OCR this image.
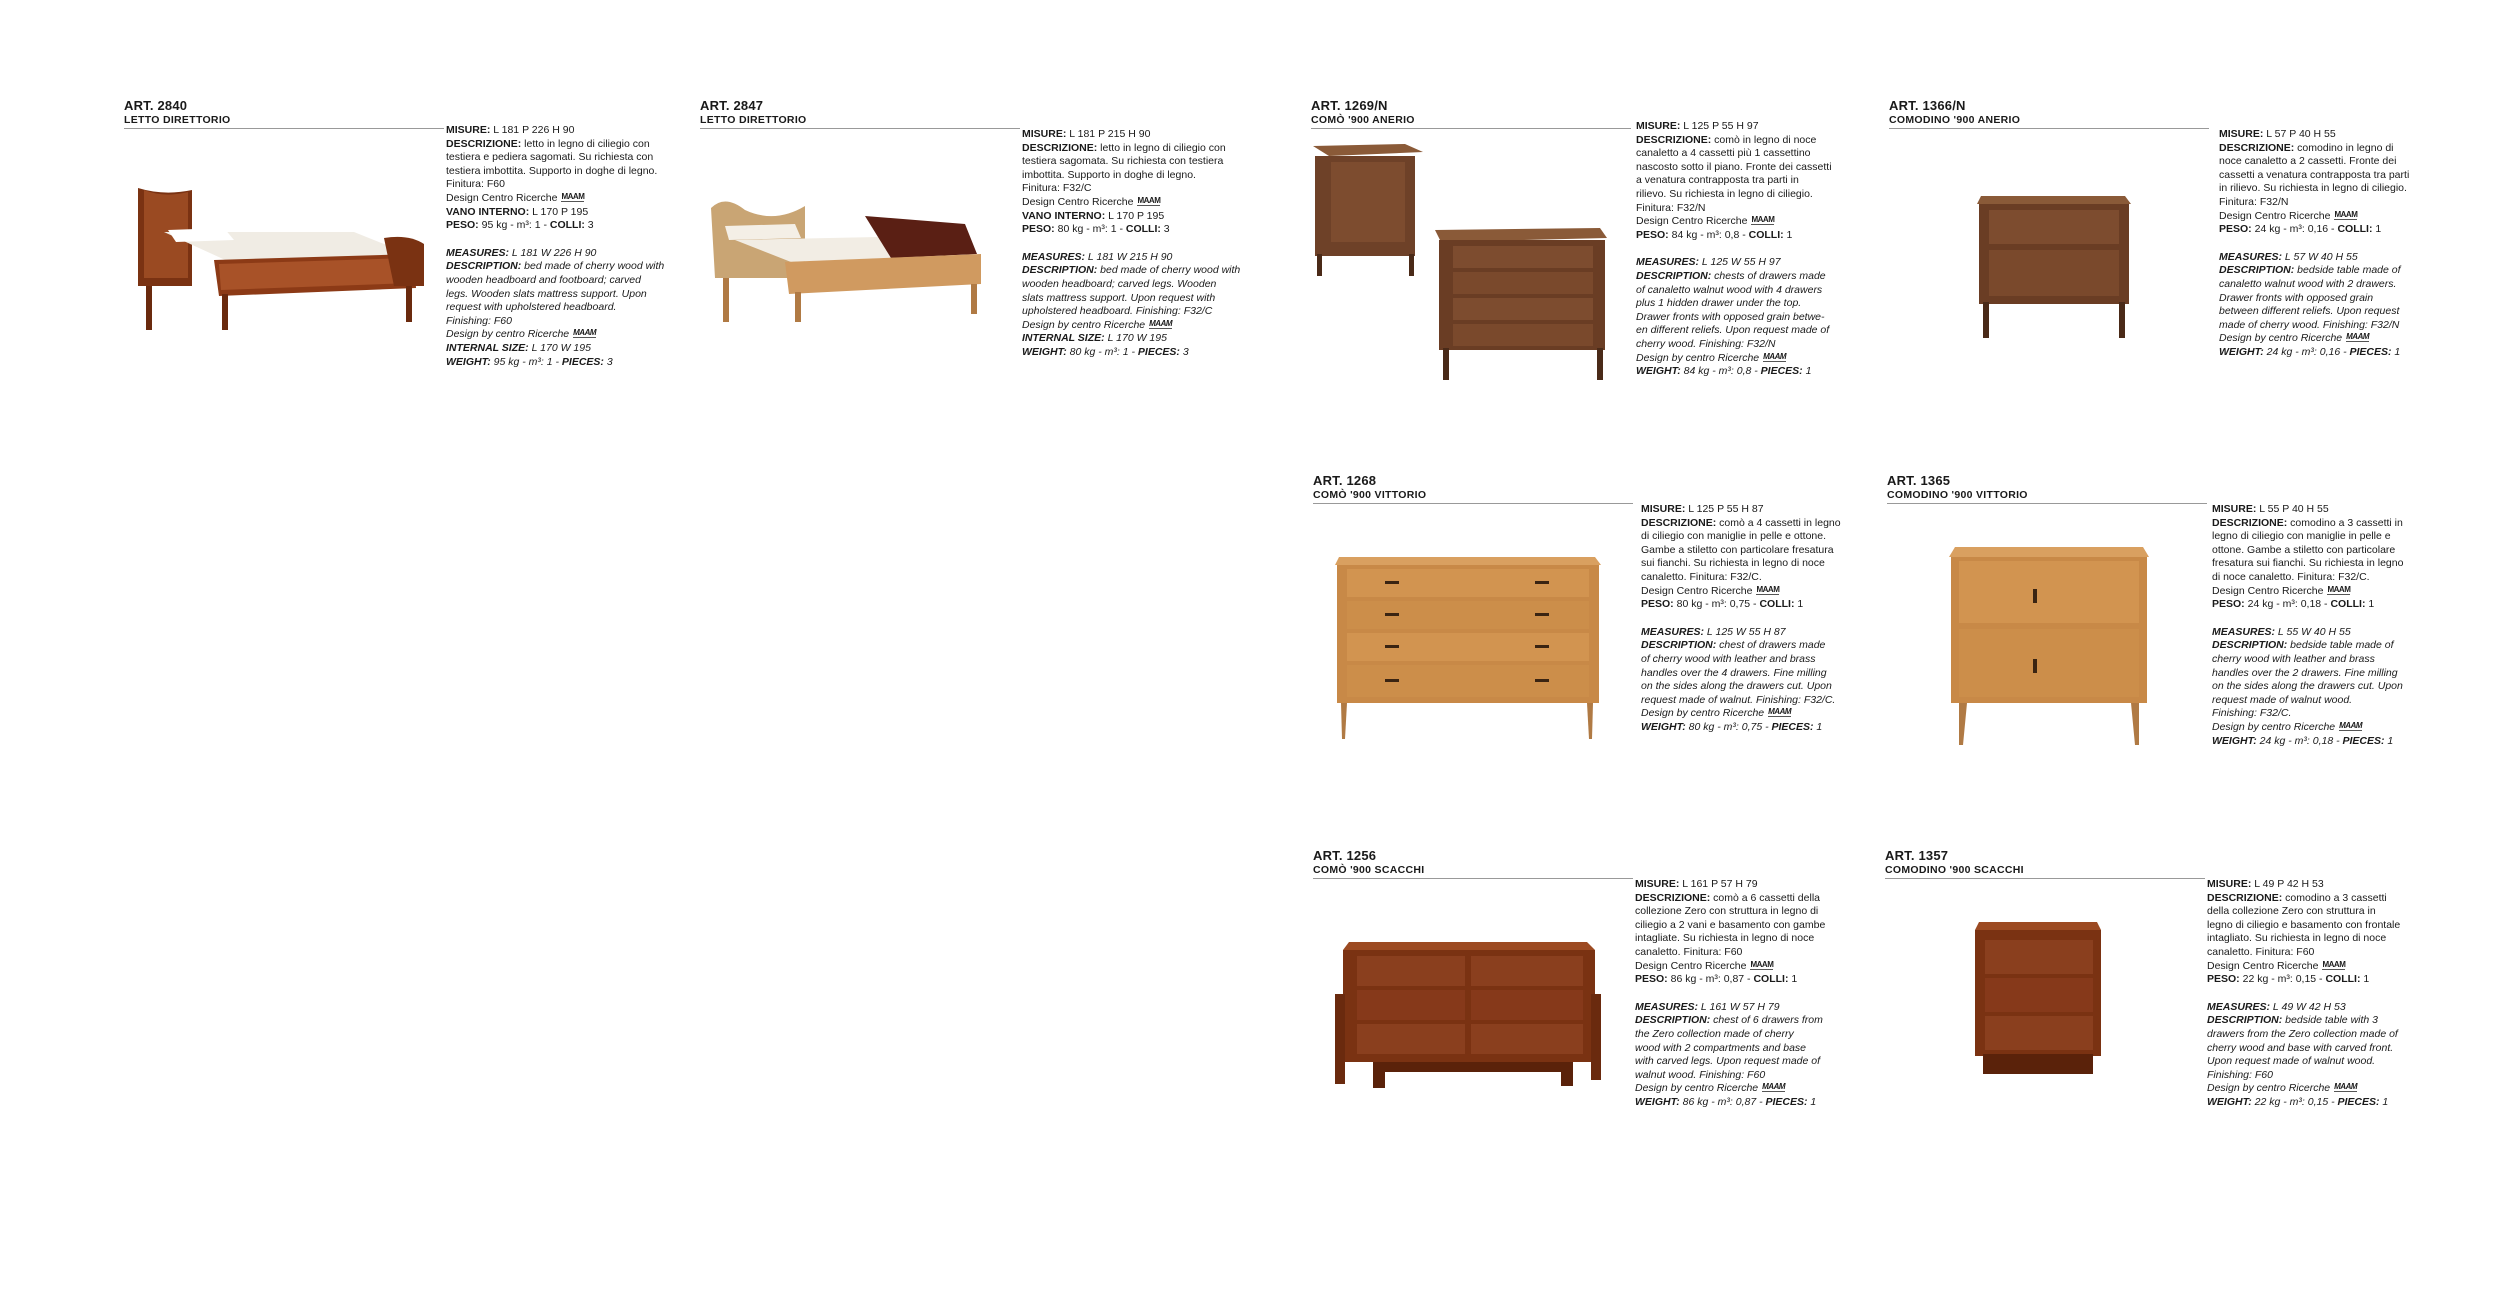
ART. 2840
LETTO DIRETTORIO
MISURE: L 181 P 226 H 90
DESCRIZIONE: letto in legno di ciliegio con
testiera e pediera sagomati. Su richiesta con
testiera imbottita. Supporto in doghe di legno.
Finitura: F60
Design Centro Ricerche MAAM
VANO INTERNO: L 170 P 195
PESO: 95 kg - m³: 1 - COLLI: 3
MEASURES: L 181 W 226 H 90
DESCRIPTION: bed made of cherry wood with
wooden headboard and footboard; carved
legs. Wooden slats mattress support. Upon
request with upholstered headboard.
Finishing: F60
Design by centro Ricerche MAAM
INTERNAL SIZE: L 170 W 195
WEIGHT: 95 kg - m³: 1 - PIECES: 3
ART. 2847
LETTO DIRETTORIO
MISURE: L 181 P 215 H 90
DESCRIZIONE: letto in legno di ciliegio con
testiera sagomata. Su richiesta con testiera
imbottita. Supporto in doghe di legno.
Finitura: F32/C
Design Centro Ricerche MAAM
VANO INTERNO: L 170 P 195
PESO: 80 kg - m³: 1 - COLLI: 3
MEASURES: L 181 W 215 H 90
DESCRIPTION: bed made of cherry wood with
wooden headboard; carved legs. Wooden
slats mattress support. Upon request with
upholstered headboard. Finishing: F32/C
Design by centro Ricerche MAAM
INTERNAL SIZE: L 170 W 195
WEIGHT: 80 kg - m³: 1 - PIECES: 3
ART. 1269/N
COMÒ '900 ANERIO	MISURE: L 125 P 55 H 97
DESCRIZIONE: comò in legno di noce
canaletto a 4 cassetti più 1 cassettino
nascosto sotto il piano. Fronte dei cassetti
a venatura contrapposta tra parti in
rilievo. Su richiesta in legno di ciliegio.
Finitura: F32/N
Design Centro Ricerche MAAM
PESO: 84 kg - m³: 0,8 - COLLI: 1
MEASURES: L 125 W 55 H 97
DESCRIPTION: chests of drawers made
of canaletto walnut wood with 4 drawers
plus 1 hidden drawer under the top.
Drawer fronts with opposed grain betwe-
en different reliefs. Upon request made of
cherry wood. Finishing: F32/N
Design by centro Ricerche MAAM
WEIGHT: 84 kg - m³: 0,8 - PIECES: 1
ART. 1366/N
COMODINO '900 ANERIO
MISURE: L 57 P 40 H 55
DESCRIZIONE: comodino in legno di
noce canaletto a 2 cassetti. Fronte dei
cassetti a venatura contrapposta tra parti
in rilievo. Su richiesta in legno di ciliegio.
Finitura: F32/N
Design Centro Ricerche MAAM
PESO: 24 kg - m³: 0,16 - COLLI: 1
MEASURES: L 57 W 40 H 55
DESCRIPTION: bedside table made of
canaletto walnut wood with 2 drawers.
Drawer fronts with opposed grain
between different reliefs. Upon request
made of cherry wood. Finishing: F32/N
Design by centro Ricerche MAAM
WEIGHT: 24 kg - m³: 0,16 - PIECES: 1
ART. 1268
COMÒ '900 VITTORIO
MISURE: L 125 P 55 H 87
DESCRIZIONE: comò a 4 cassetti in legno
di ciliegio con maniglie in pelle e ottone.
Gambe a stiletto con particolare fresatura
sui fianchi. Su richiesta in legno di noce
canaletto. Finitura: F32/C.
Design Centro Ricerche MAAM
PESO: 80 kg - m³: 0,75 - COLLI: 1
MEASURES: L 125 W 55 H 87
DESCRIPTION: chest of drawers made
of cherry wood with leather and brass
handles over the 4 drawers. Fine milling
on the sides along the drawers cut. Upon
request made of walnut. Finishing: F32/C.
Design by centro Ricerche MAAM
WEIGHT: 80 kg - m³: 0,75 - PIECES: 1
ART. 1365
COMODINO '900 VITTORIO
MISURE: L 55 P 40 H 55
DESCRIZIONE: comodino a 3 cassetti in
legno di ciliegio con maniglie in pelle e
ottone. Gambe a stiletto con particolare
fresatura sui fianchi. Su richiesta in legno
di noce canaletto. Finitura: F32/C.
Design Centro Ricerche MAAM
PESO: 24 kg - m³: 0,18 - COLLI: 1
MEASURES: L 55 W 40 H 55
DESCRIPTION: bedside table made of
cherry wood with leather and brass
handles over the 2 drawers. Fine milling
on the sides along the drawers cut. Upon
request made of walnut wood.
Finishing: F32/C.
Design by centro Ricerche MAAM
WEIGHT: 24 kg - m³: 0,18 - PIECES: 1
ART. 1256
COMÒ '900 SCACCHI
MISURE: L 161 P 57 H 79
DESCRIZIONE: comò a 6 cassetti della
collezione Zero con struttura in legno di
ciliegio a 2 vani e basamento con gambe
intagliate. Su richiesta in legno di noce
canaletto. Finitura: F60
Design Centro Ricerche MAAM
PESO: 86 kg - m³: 0,87 - COLLI: 1
MEASURES: L 161 W 57 H 79
DESCRIPTION: chest of 6 drawers from
the Zero collection made of cherry
wood with 2 compartments and base
with carved legs. Upon request made of
walnut wood. Finishing: F60
Design by centro Ricerche MAAM
WEIGHT: 86 kg - m³: 0,87 - PIECES: 1
ART. 1357
COMODINO '900 SCACCHI
MISURE: L 49 P 42 H 53
DESCRIZIONE: comodino a 3 cassetti
della collezione Zero con struttura in
legno di ciliegio e basamento con frontale
intagliato. Su richiesta in legno di noce
canaletto. Finitura: F60
Design Centro Ricerche MAAM
PESO: 22 kg - m³: 0,15 - COLLI: 1
MEASURES: L 49 W 42 H 53
DESCRIPTION: bedside table with 3
drawers from the Zero collection made of
cherry wood and base with carved front.
Upon request made of walnut wood.
Finishing: F60
Design by centro Ricerche MAAM
WEIGHT: 22 kg - m³: 0,15 - PIECES: 1
